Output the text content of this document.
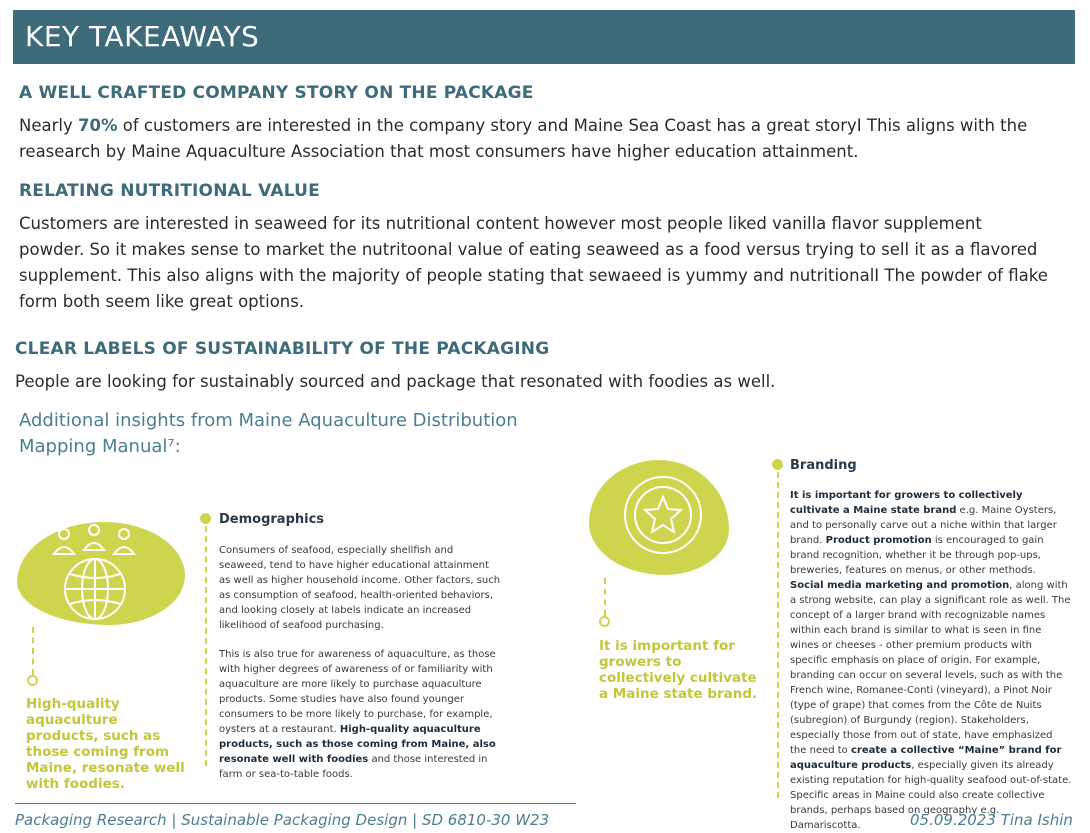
KEY TAKEAWAYS
A WELL CRAFTED COMPANY STORY ON THE PACKAGE
Nearly 70% of customers are interested in the company story and Maine Sea Coast has a great storyI This aligns with the reasearch by Maine Aquaculture Association that most consumers have higher education attainment.
RELATING NUTRITIONAL VALUE
Customers are interested in seaweed for its nutritional content however most people liked vanilla flavor supplement powder. So it makes sense to market the nutritoonal value of eating seaweed as a food versus trying to sell it as a flavored supplement. This also aligns with the majority of people stating that sewaeed is yummy and nutritionalI The powder of flake form both seem like great options.
CLEAR LABELS OF SUSTAINABILITY OF THE PACKAGING
People are looking for sustainably sourced and package that resonated with foodies as well.
Additional insights from Maine Aquaculture Distribution Mapping Manual⁷:
High-quality aquaculture products, such as those coming from Maine, resonate well with foodies.
Demographics
Consumers of seafood, especially shellfish and seaweed, tend to have higher educational attainment as well as higher household income. Other factors, such as consumption of seafood, health-oriented behaviors, and looking closely at labels indicate an increased likelihood of seafood purchasing.
This is also true for awareness of aquaculture, as those with higher degrees of awareness of or familiarity with aquaculture are more likely to purchase aquaculture products. Some studies have also found younger consumers to be more likely to purchase, for example, oysters at a restaurant. High-quality aquaculture products, such as those coming from Maine, also resonate well with foodies and those interested in farm or sea-to-table foods.
It is important for growers to collectively cultivate a Maine state brand.
Branding
It is important for growers to collectively cultivate a Maine state brand e.g. Maine Oysters, and to personally carve out a niche within that larger brand. Product promotion is encouraged to gain brand recognition, whether it be through pop-ups, breweries, features on menus, or other methods. Social media marketing and promotion, along with a strong website, can play a significant role as well. The concept of a larger brand with recognizable names within each brand is similar to what is seen in fine wines or cheeses - other premium products with specific emphasis on place of origin. For example, branding can occur on several levels, such as with the French wine, Romanee-Conti (vineyard), a Pinot Noir (type of grape) that comes from the Côte de Nuits (subregion) of Burgundy (region). Stakeholders, especially those from out of state, have emphasized the need to create a collective “Maine” brand for aquaculture products, especially given its already existing reputation for high-quality seafood out-of-state. Specific areas in Maine could also create collective brands, perhaps based on geography e.g. Damariscotta.
Packaging Research | Sustainable Packaging Design | SD 6810-30 W23	05.09.2023 Tina Ishin
